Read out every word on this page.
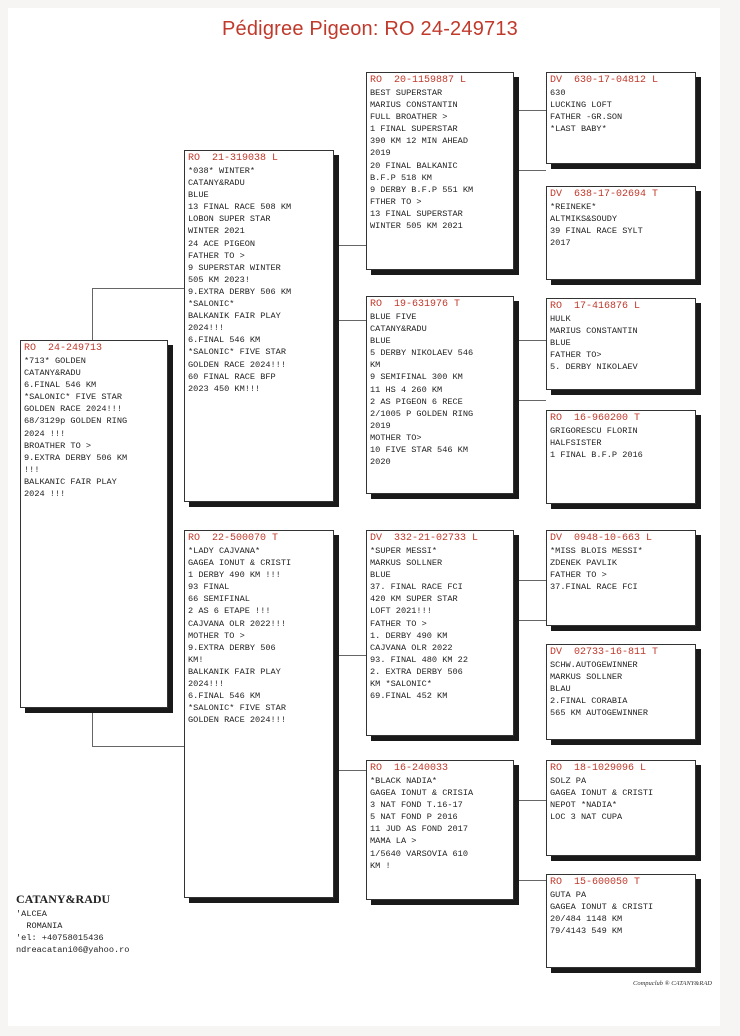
Pédigree Pigeon: RO 24-249713
RO  24-249713
*713* GOLDEN
CATANY&RADU
6.FINAL 546 KM
*SALONIC* FIVE STAR
GOLDEN RACE 2024!!!
68/3129p GOLDEN RING
2024 !!!
BROATHER TO >
9.EXTRA DERBY 506 KM
!!!
BALKANIC FAIR PLAY
2024 !!!
RO  21-319038 L
*038* WINTER*
CATANY&RADU
BLUE
13 FINAL RACE 508 KM
LOBON SUPER STAR
WINTER 2021
24 ACE PIGEON
FATHER TO >
9 SUPERSTAR WINTER
505 KM 2023!
9.EXTRA DERBY 506 KM
*SALONIC*
BALKANIK FAIR PLAY
2024!!!
6.FINAL 546 KM
*SALONIC* FIVE STAR
GOLDEN RACE 2024!!!
60 FINAL RACE BFP
2023 450 KM!!!
RO  22-500070 T
*LADY CAJVANA*
GAGEA IONUT & CRISTI
1 DERBY 490 KM !!!
93 FINAL
66 SEMIFINAL
2 AS 6 ETAPE !!!
CAJVANA OLR 2022!!!
MOTHER TO >
9.EXTRA DERBY 506
KM!
BALKANIK FAIR PLAY
2024!!!
6.FINAL 546 KM
*SALONIC* FIVE STAR
GOLDEN RACE 2024!!!
RO  20-1159887 L
BEST SUPERSTAR
MARIUS CONSTANTIN
FULL BROATHER >
1 FINAL SUPERSTAR
390 KM 12 MIN AHEAD
2019
20 FINAL BALKANIC
B.F.P 518 KM
9 DERBY B.F.P 551 KM
FTHER TO >
13 FINAL SUPERSTAR
WINTER 505 KM 2021
RO  19-631976 T
BLUE FIVE
CATANY&RADU
BLUE
5 DERBY NIKOLAEV 546
KM
9 SEMIFINAL 300 KM
11 HS 4 260 KM
2 AS PIGEON 6 RECE
2/1005 P GOLDEN RING
2019
MOTHER TO>
10 FIVE STAR 546 KM
2020
DV  332-21-02733 L
*SUPER MESSI*
MARKUS SOLLNER
BLUE
37. FINAL RACE FCI
420 KM SUPER STAR
LOFT 2021!!!
FATHER TO >
1. DERBY 490 KM
CAJVANA OLR 2022
93. FINAL 480 KM 22
2. EXTRA DERBY 506
KM *SALONIC*
69.FINAL 452 KM
RO  16-240033
*BLACK NADIA*
GAGEA IONUT & CRISIA
3 NAT FOND T.16-17
5 NAT FOND P 2016
11 JUD AS FOND 2017
MAMA LA >
1/5640 VARSOVIA 610
KM !
DV  630-17-04812 L
630
LUCKING LOFT
FATHER -GR.SON
*LAST BABY*
DV  638-17-02694 T
*REINEKE*
ALTMIKS&SOUDY
39 FINAL RACE SYLT
2017
RO  17-416876 L
HULK
MARIUS CONSTANTIN
BLUE
FATHER TO>
5. DERBY NIKOLAEV
RO  16-960200 T
GRIGORESCU FLORIN
HALFSISTER
1 FINAL B.F.P 2016
DV  0948-10-663 L
*MISS BLOIS MESSI*
ZDENEK PAVLIK
FATHER TO >
37.FINAL RACE FCI
DV  02733-16-811 T
SCHW.AUTOGEWINNER
MARKUS SOLLNER
BLAU
2.FINAL CORABIA
565 KM AUTOGEWINNER
RO  18-1029096 L
SOLZ PA
GAGEA IONUT & CRISTI
NEPOT *NADIA*
LOC 3 NAT CUPA
RO  15-600050 T
GUTA PA
GAGEA IONUT & CRISTI
20/484 1148 KM
79/4143 549 KM
CATANY&RADU
'ALCEA
ROMANIA
'el: +40758015436
ndreacatani06@yahoo.ro
Compuclub ® CATANY&RAD
